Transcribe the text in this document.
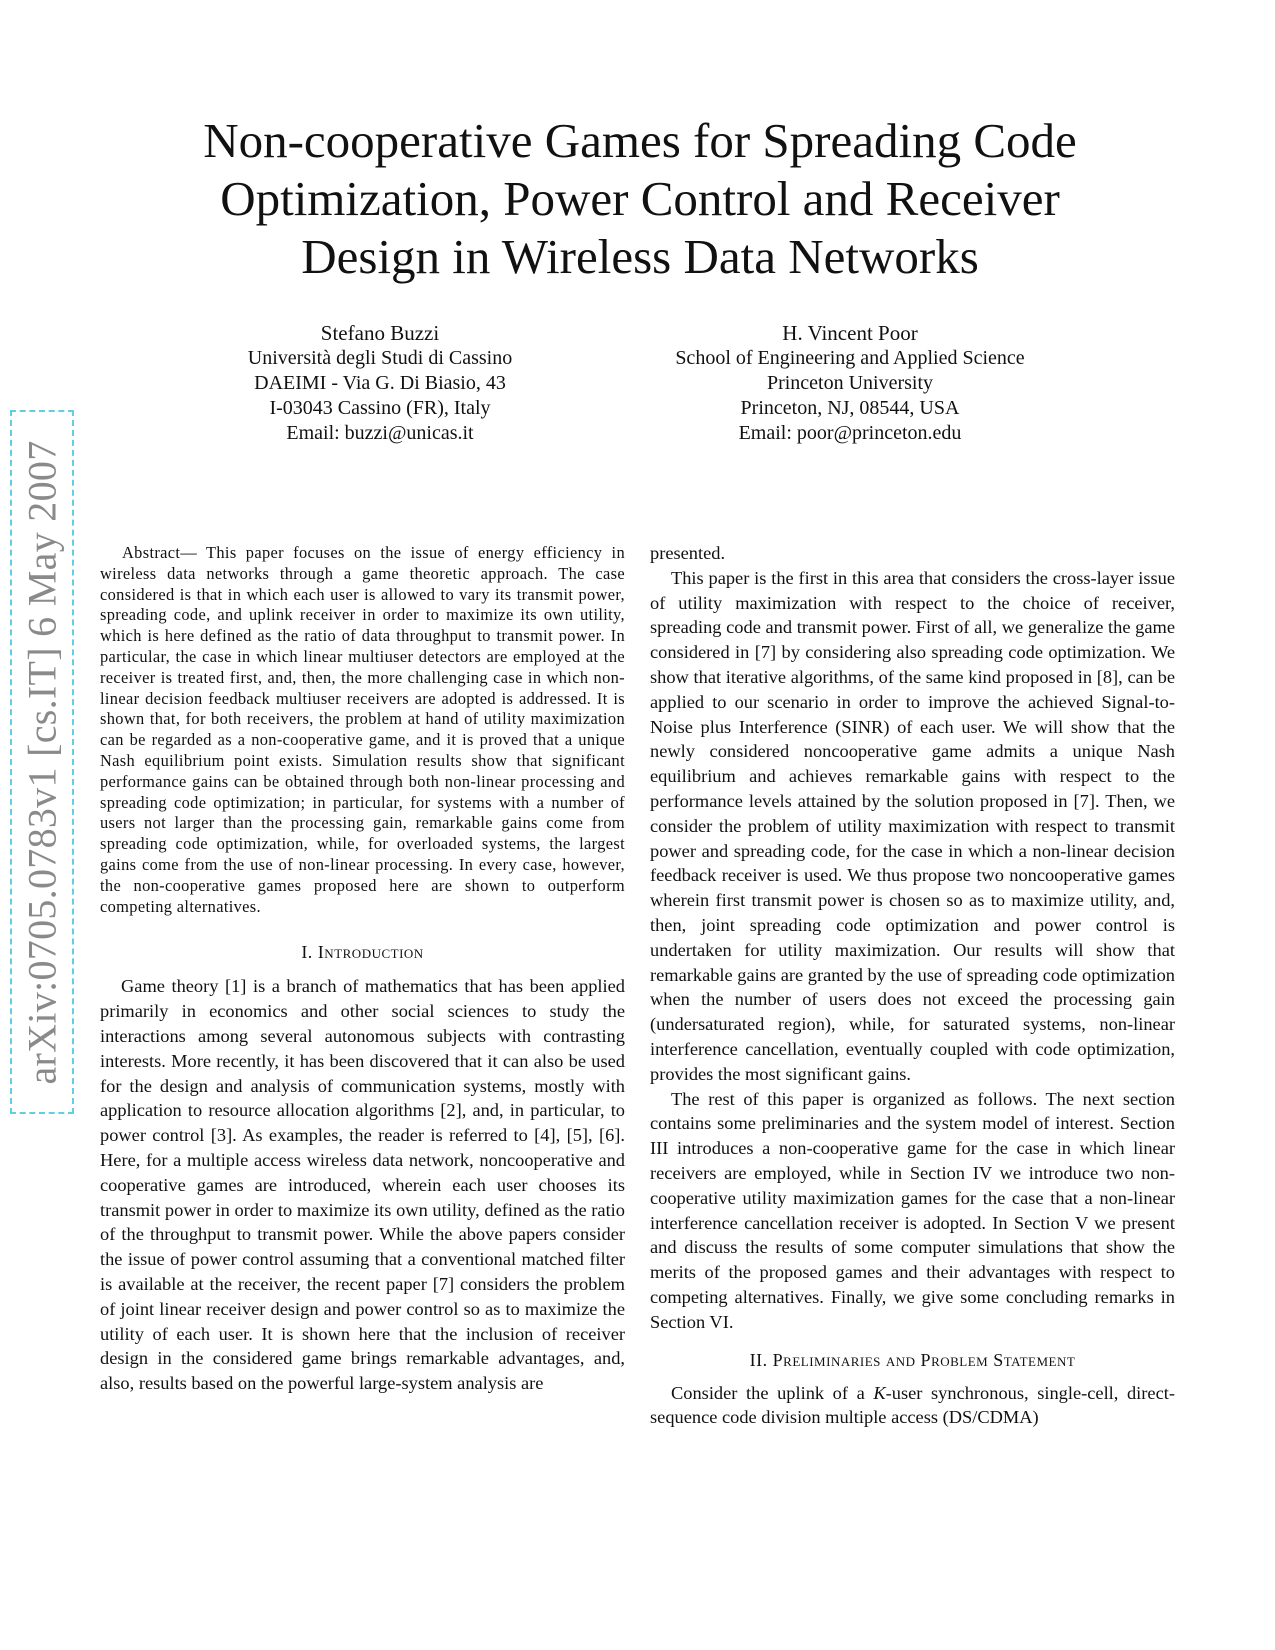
arXiv:0705.0783v1 [cs.IT] 6 May 2007
Non-cooperative Games for Spreading Code Optimization, Power Control and Receiver Design in Wireless Data Networks
Stefano Buzzi
Università degli Studi di Cassino
DAEIMI - Via G. Di Biasio, 43
I-03043 Cassino (FR), Italy
Email: buzzi@unicas.it
H. Vincent Poor
School of Engineering and Applied Science
Princeton University
Princeton, NJ, 08544, USA
Email: poor@princeton.edu

Abstract— This paper focuses on the issue of energy efficiency in wireless data networks through a game theoretic approach. The case considered is that in which each user is allowed to vary its transmit power, spreading code, and uplink receiver in order to maximize its own utility, which is here defined as the ratio of data throughput to transmit power. In particular, the case in which linear multiuser detectors are employed at the receiver is treated first, and, then, the more challenging case in which non-linear decision feedback multiuser receivers are adopted is addressed. It is shown that, for both receivers, the problem at hand of utility maximization can be regarded as a non-cooperative game, and it is proved that a unique Nash equilibrium point exists. Simulation results show that significant performance gains can be obtained through both non-linear processing and spreading code optimization; in particular, for systems with a number of users not larger than the processing gain, remarkable gains come from spreading code optimization, while, for overloaded systems, the largest gains come from the use of non-linear processing. In every case, however, the non-cooperative games proposed here are shown to outperform competing alternatives.

I. Introduction

Game theory [1] is a branch of mathematics that has been applied primarily in economics and other social sciences to study the interactions among several autonomous subjects with contrasting interests. More recently, it has been discovered that it can also be used for the design and analysis of communication systems, mostly with application to resource allocation algorithms [2], and, in particular, to power control [3]. As examples, the reader is referred to [4], [5], [6]. Here, for a multiple access wireless data network, noncooperative and cooperative games are introduced, wherein each user chooses its transmit power in order to maximize its own utility, defined as the ratio of the throughput to transmit power. While the above papers consider the issue of power control assuming that a conventional matched filter is available at the receiver, the recent paper [7] considers the problem of joint linear receiver design and power control so as to maximize the utility of each user. It is shown here that the inclusion of receiver design in the considered game brings remarkable advantages, and, also, results based on the powerful large-system analysis are

presented.

This paper is the first in this area that considers the cross-layer issue of utility maximization with respect to the choice of receiver, spreading code and transmit power. First of all, we generalize the game considered in [7] by considering also spreading code optimization. We show that iterative algorithms, of the same kind proposed in [8], can be applied to our scenario in order to improve the achieved Signal-to-Noise plus Interference (SINR) of each user. We will show that the newly considered noncooperative game admits a unique Nash equilibrium and achieves remarkable gains with respect to the performance levels attained by the solution proposed in [7]. Then, we consider the problem of utility maximization with respect to transmit power and spreading code, for the case in which a non-linear decision feedback receiver is used. We thus propose two noncooperative games wherein first transmit power is chosen so as to maximize utility, and, then, joint spreading code optimization and power control is undertaken for utility maximization. Our results will show that remarkable gains are granted by the use of spreading code optimization when the number of users does not exceed the processing gain (undersaturated region), while, for saturated systems, non-linear interference cancellation, eventually coupled with code optimization, provides the most significant gains.

The rest of this paper is organized as follows. The next section contains some preliminaries and the system model of interest. Section III introduces a non-cooperative game for the case in which linear receivers are employed, while in Section IV we introduce two non-cooperative utility maximization games for the case that a non-linear interference cancellation receiver is adopted. In Section V we present and discuss the results of some computer simulations that show the merits of the proposed games and their advantages with respect to competing alternatives. Finally, we give some concluding remarks in Section VI.

II. Preliminaries and Problem Statement

Consider the uplink of a K-user synchronous, single-cell, direct-sequence code division multiple access (DS/CDMA)
